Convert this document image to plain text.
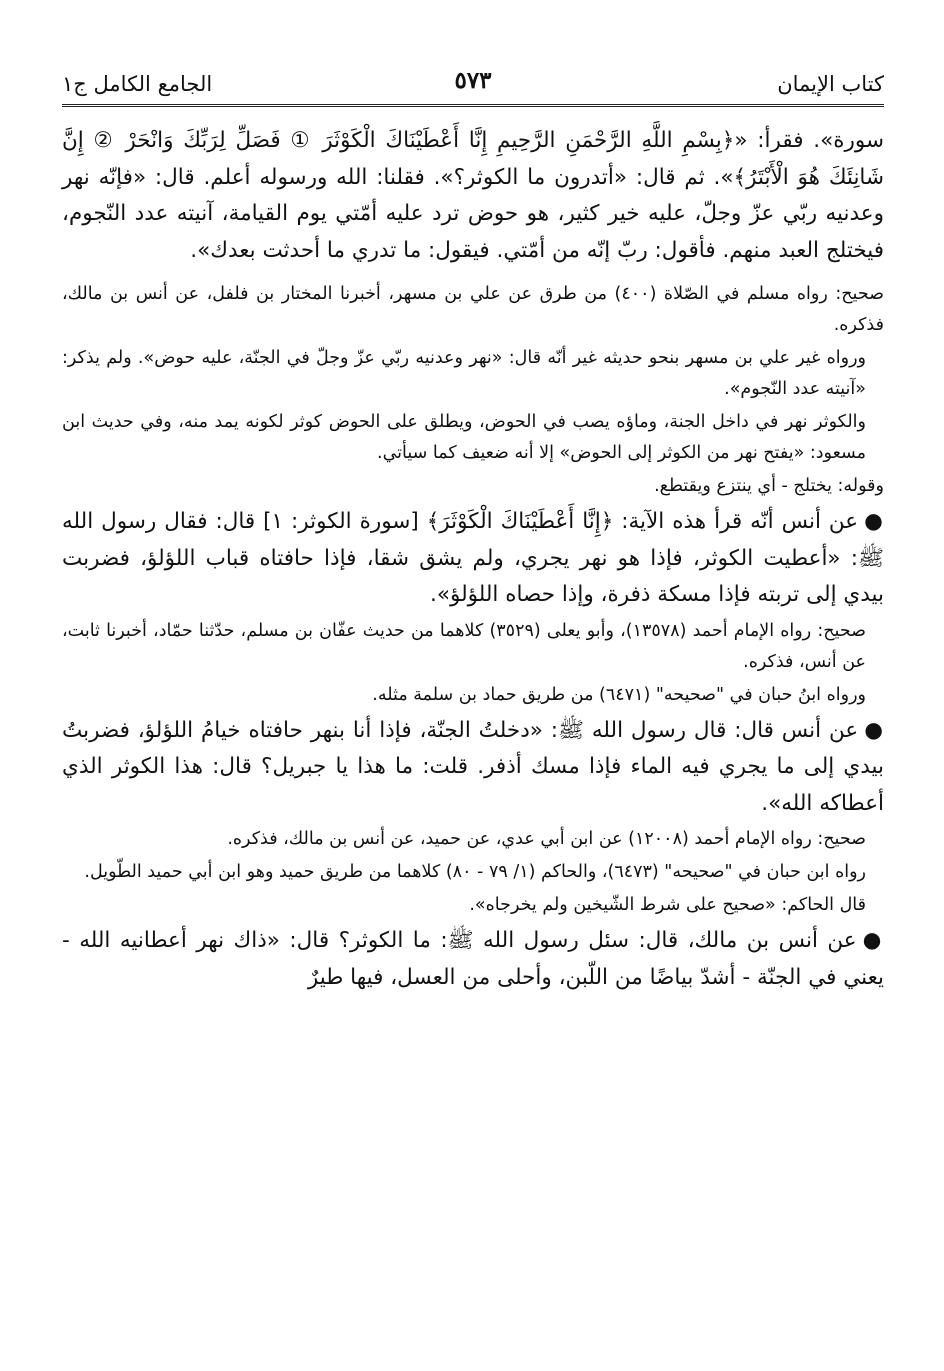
كتاب الإيمان
٥٧٣
الجامع الكامل ج١

سورة». فقرأ: «﴿بِسْمِ اللَّهِ الرَّحْمَنِ الرَّحِيمِ إِنَّا أَعْطَيْنَاكَ الْكَوْثَرَ ① فَصَلِّ لِرَبِّكَ وَانْحَرْ ② إِنَّ شَانِئَكَ هُوَ الْأَبْتَرُ﴾». ثم قال: «أتدرون ما الكوثر؟». فقلنا: الله ورسوله أعلم. قال: «فإنّه نهر وعدنيه ربّي عزّ وجلّ، عليه خير كثير، هو حوض ترد عليه أمّتي يوم القيامة، آنيته عدد النّجوم، فيختلج العبد منهم. فأقول: ربّ إنّه من أمّتي. فيقول: ما تدري ما أحدثت بعدك».

صحيح: رواه مسلم في الصّلاة (٤٠٠) من طرق عن علي بن مسهر، أخبرنا المختار بن فلفل، عن أنس بن مالك، فذكره.

ورواه غير علي بن مسهر بنحو حديثه غير أنّه قال: «نهر وعدنيه ربّي عزّ وجلّ في الجنّة، عليه حوض». ولم يذكر: «آنيته عدد النّجوم».

والكوثر نهر في داخل الجنة، وماؤه يصب في الحوض، ويطلق على الحوض كوثر لكونه يمد منه، وفي حديث ابن مسعود: «يفتح نهر من الكوثر إلى الحوض» إلا أنه ضعيف كما سيأتي.

وقوله: يختلج - أي ينتزع ويقتطع.

●عن أنس أنّه قرأ هذه الآية: ﴿إِنَّا أَعْطَيْنَاكَ الْكَوْثَرَ﴾ [سورة الكوثر: ١] قال: فقال رسول الله ﷺ: «أعطيت الكوثر، فإذا هو نهر يجري، ولم يشق شقا، فإذا حافتاه قباب اللؤلؤ، فضربت بيدي إلى تربته فإذا مسكة ذفرة، وإذا حصاه اللؤلؤ».

صحيح: رواه الإمام أحمد (١٣٥٧٨)، وأبو يعلى (٣٥٢٩) كلاهما من حديث عفّان بن مسلم، حدّثنا حمّاد، أخبرنا ثابت، عن أنس، فذكره.

ورواه ابنُ حبان في "صحيحه" (٦٤٧١) من طريق حماد بن سلمة مثله.

●عن أنس قال: قال رسول الله ﷺ: «دخلتُ الجنّة، فإذا أنا بنهر حافتاه خيامُ اللؤلؤ، فضربتُ بيدي إلى ما يجري فيه الماء فإذا مسك أذفر. قلت: ما هذا يا جبريل؟ قال: هذا الكوثر الذي أعطاكه الله».

صحيح: رواه الإمام أحمد (١٢٠٠٨) عن ابن أبي عدي، عن حميد، عن أنس بن مالك، فذكره.

رواه ابن حبان في "صحيحه" (٦٤٧٣)، والحاكم (١/ ٧٩ - ٨٠) كلاهما من طريق حميد وهو ابن أبي حميد الطّويل.

قال الحاكم: «صحيح على شرط الشّيخين ولم يخرجاه».

●عن أنس بن مالك، قال: سئل رسول الله ﷺ: ما الكوثر؟ قال: «ذاك نهر أعطانيه الله - يعني في الجنّة - أشدّ بياضًا من اللّبن، وأحلى من العسل، فيها طيرٌ
